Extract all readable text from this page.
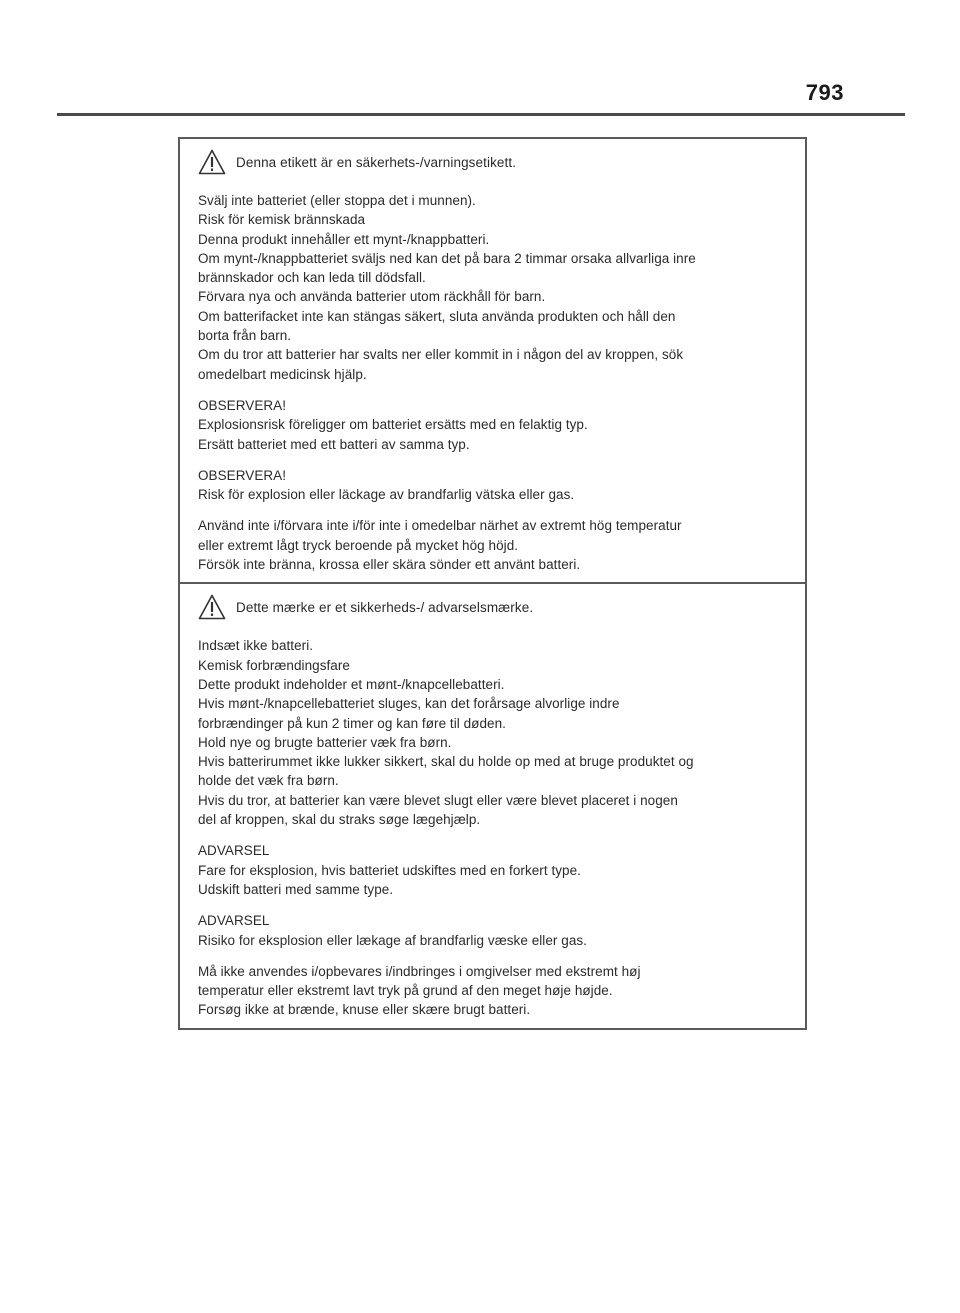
793
Denna etikett är en säkerhets-/varningsetikett.
Svälj inte batteriet (eller stoppa det i munnen).
Risk för kemisk brännskada
Denna produkt innehåller ett mynt-/knappbatteri.
Om mynt-/knappbatteriet sväljs ned kan det på bara 2 timmar orsaka allvarliga inre
brännskador och kan leda till dödsfall.
Förvara nya och använda batterier utom räckhåll för barn.
Om batterifacket inte kan stängas säkert, sluta använda produkten och håll den
borta från barn.
Om du tror att batterier har svalts ner eller kommit in i någon del av kroppen, sök
omedelbart medicinsk hjälp.
OBSERVERA!
Explosionsrisk föreligger om batteriet ersätts med en felaktig typ.
Ersätt batteriet med ett batteri av samma typ.
OBSERVERA!
Risk för explosion eller läckage av brandfarlig vätska eller gas.
Använd inte i/förvara inte i/för inte i omedelbar närhet av extremt hög temperatur
eller extremt lågt tryck beroende på mycket hög höjd.
Försök inte bränna, krossa eller skära sönder ett använt batteri.
Dette mærke er et sikkerheds-/ advarselsmærke.
Indsæt ikke batteri.
Kemisk forbrændingsfare
Dette produkt indeholder et mønt-/knapcellebatteri.
Hvis mønt-/knapcellebatteriet sluges, kan det forårsage alvorlige indre
forbrændinger på kun 2 timer og kan føre til døden.
Hold nye og brugte batterier væk fra børn.
Hvis batterirummet ikke lukker sikkert, skal du holde op med at bruge produktet og
holde det væk fra børn.
Hvis du tror, at batterier kan være blevet slugt eller være blevet placeret i nogen
del af kroppen, skal du straks søge lægehjælp.
ADVARSEL
Fare for eksplosion, hvis batteriet udskiftes med en forkert type.
Udskift batteri med samme type.
ADVARSEL
Risiko for eksplosion eller lækage af brandfarlig væske eller gas.
Må ikke anvendes i/opbevares i/indbringes i omgivelser med ekstremt høj
temperatur eller ekstremt lavt tryk på grund af den meget høje højde.
Forsøg ikke at brænde, knuse eller skære brugt batteri.
